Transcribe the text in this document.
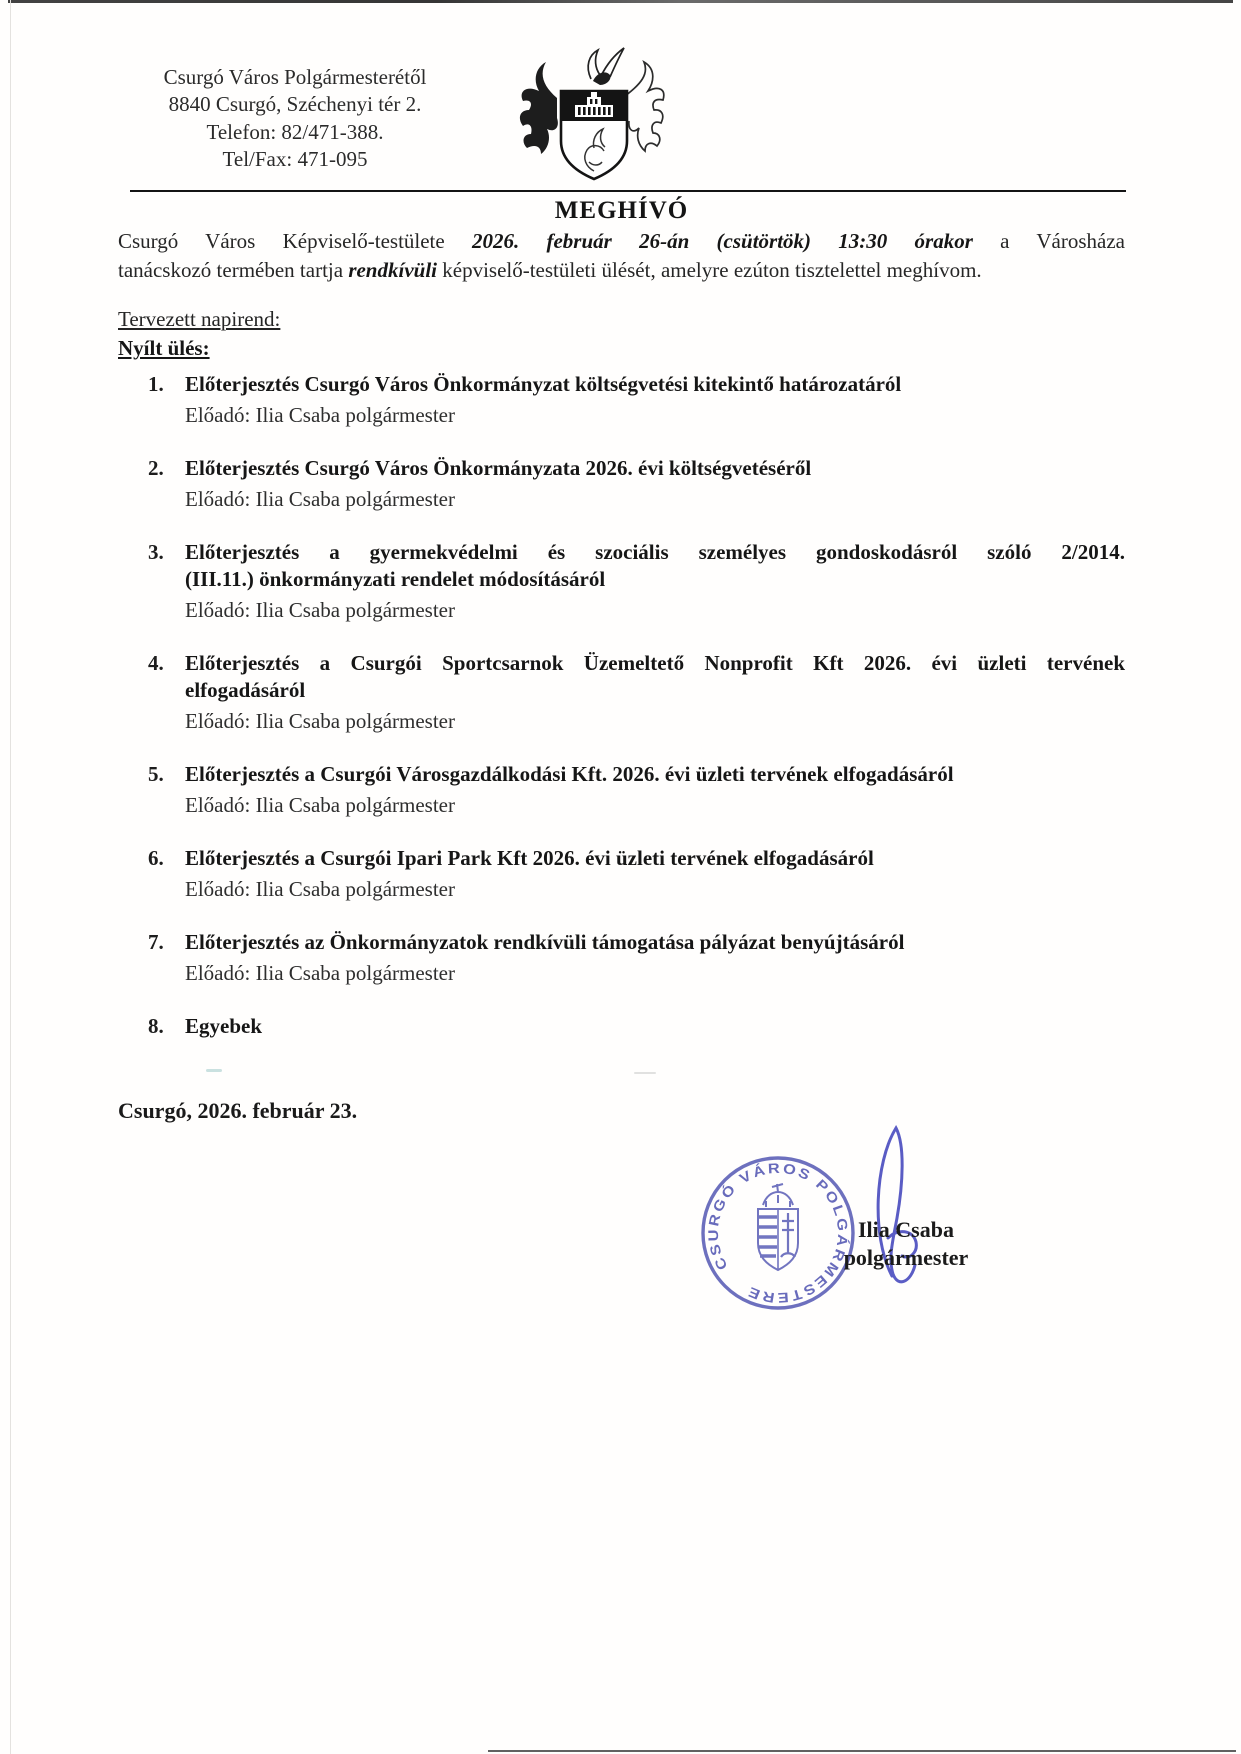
Csurgó Város Polgármesterétől
8840 Csurgó, Széchenyi tér 2.
Telefon: 82/471-388.
Tel/Fax: 471-095
MEGHÍVÓ
Csurgó Város Képviselő-testülete 2026. február 26-án (csütörtök) 13:30 órakor a Városháza
tanácskozó termében tartja rendkívüli képviselő-testületi ülését, amelyre ezúton tisztelettel meghívom.
Tervezett napirend:
Nyílt ülés:
1. Előterjesztés Csurgó Város Önkormányzat költségvetési kitekintő határozatáról
Előadó: Ilia Csaba polgármester
2. Előterjesztés Csurgó Város Önkormányzata 2026. évi költségvetéséről
Előadó: Ilia Csaba polgármester
3. Előterjesztés a gyermekvédelmi és szociális személyes gondoskodásról szóló 2/2014.
(III.11.) önkormányzati rendelet módosításáról
Előadó: Ilia Csaba polgármester
4. Előterjesztés a Csurgói Sportcsarnok Üzemeltető Nonprofit Kft 2026. évi üzleti tervének
elfogadásáról
Előadó: Ilia Csaba polgármester
5. Előterjesztés a Csurgói Városgazdálkodási Kft. 2026. évi üzleti tervének elfogadásáról
Előadó: Ilia Csaba polgármester
6. Előterjesztés a Csurgói Ipari Park Kft 2026. évi üzleti tervének elfogadásáról
Előadó: Ilia Csaba polgármester
7. Előterjesztés az Önkormányzatok rendkívüli támogatása pályázat benyújtásáról
Előadó: Ilia Csaba polgármester
8. Egyebek
Csurgó, 2026. február 23.
CSURGÓ VÁROS POLGÁRMESTERE
Ilia Csaba
polgármester
